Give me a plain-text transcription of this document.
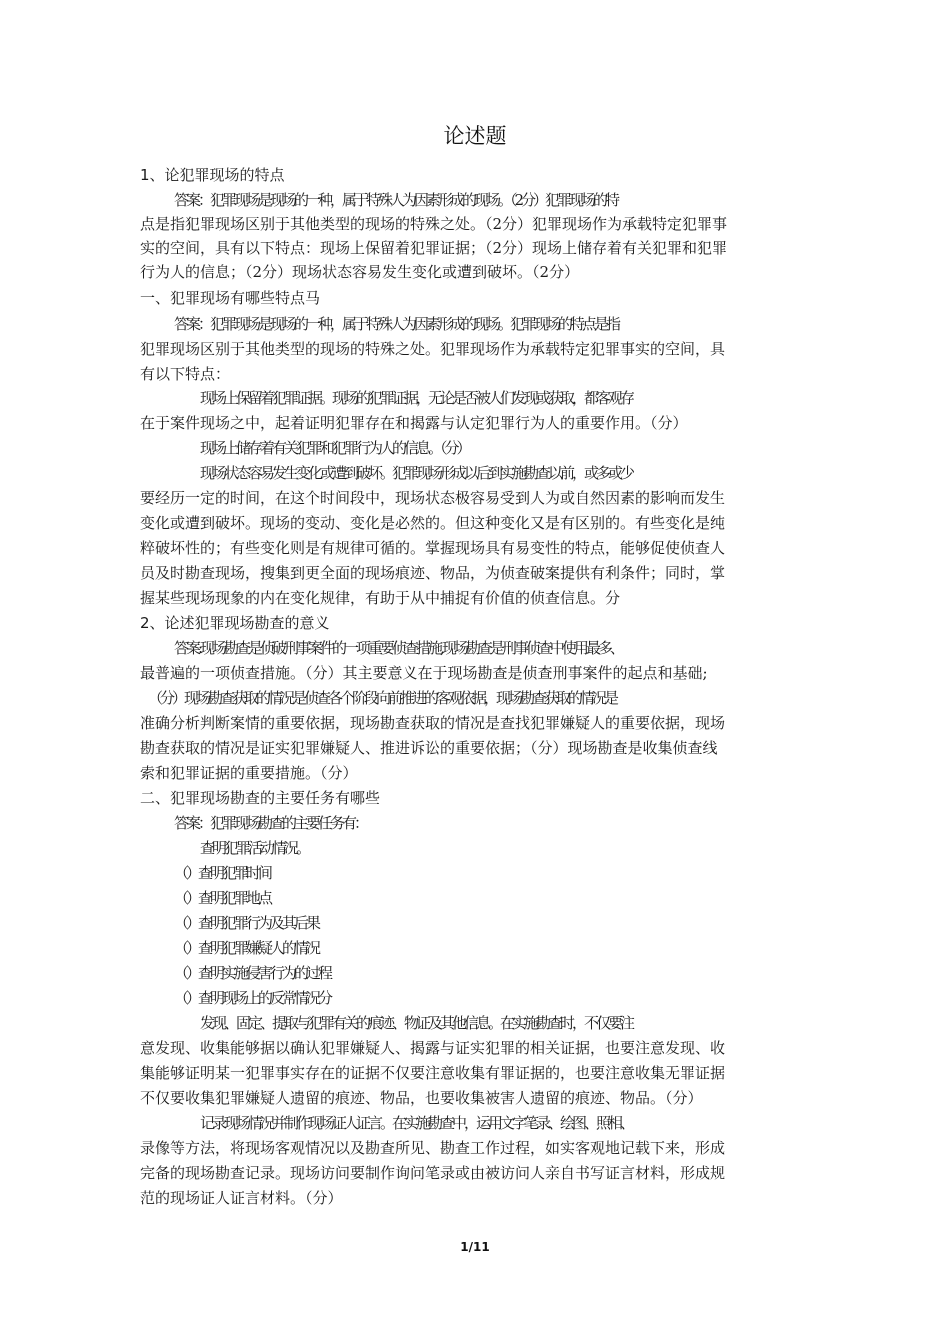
论述题
1、论犯罪现场的特点
答案：犯罪现场是现场的一种，属于特殊人为因素形成的现场。（2分）犯罪现场的特
点是指犯罪现场区别于其他类型的现场的特殊之处。（2分）犯罪现场作为承载特定犯罪事
实的空间，具有以下特点：现场上保留着犯罪证据；（2分）现场上储存着有关犯罪和犯罪
行为人的信息；（2分）现场状态容易发生变化或遭到破坏。（2分）
一、犯罪现场有哪些特点马
答案：犯罪现场是现场的一种，属于特殊人为因素形成的现场。犯罪现场的特点是指
犯罪现场区别于其他类型的现场的特殊之处。犯罪现场作为承载特定犯罪事实的空间，具
有以下特点：
现场上保留着犯罪证据。现场的犯罪证据，无论是否被人们发现或获取，都客观存
在于案件现场之中，起着证明犯罪存在和揭露与认定犯罪行为人的重要作用。（分）
现场上储存着有关犯罪和犯罪行为人的信息。（分）
现场状态容易发生变化或遭到破坏。犯罪现场形成以后到实施勘查以前，或多或少
要经历一定的时间，在这个时间段中，现场状态极容易受到人为或自然因素的影响而发生
变化或遭到破坏。现场的变动、变化是必然的。但这种变化又是有区别的。有些变化是纯
粹破坏性的；有些变化则是有规律可循的。掌握现场具有易变性的特点，能够促使侦查人
员及时勘查现场，搜集到更全面的现场痕迹、物品，为侦查破案提供有利条件；同时，掌
握某些现场现象的内在变化规律，有助于从中捕捉有价值的侦查信息。分
2、论述犯罪现场勘查的意义
答案:现场勘查是侦破刑事案件的一项重要侦查措施,现场勘查是刑事侦查中使用最多、
最普遍的一项侦查措施。（分）其主要意义在于现场勘查是侦查刑事案件的起点和基础;
（分）现场勘查获取的情况是侦查各个阶段向前推进的客观依据，现场勘查获取的情况是
准确分析判断案情的重要依据，现场勘查获取的情况是查找犯罪嫌疑人的重要依据，现场
勘查获取的情况是证实犯罪嫌疑人、推进诉讼的重要依据；（分）现场勘查是收集侦查线
索和犯罪证据的重要措施。（分）
二、犯罪现场勘查的主要任务有哪些
答案：犯罪现场勘查的主要任务有：
查明犯罪活动情况。
（）查明犯罪时间
（）查明犯罪地点
（）查明犯罪行为及其后果
（）查明犯罪嫌疑人的情况
（）查明实施侵害行为的过程
（）查明现场上的反常情况分
发现、固定、提取与犯罪有关的痕迹、物证及其他信息。在实施勘查时，不仅要注
意发现、收集能够据以确认犯罪嫌疑人、揭露与证实犯罪的相关证据，也要注意发现、收
集能够证明某一犯罪事实存在的证据不仅要注意收集有罪证据的，也要注意收集无罪证据
不仅要收集犯罪嫌疑人遗留的痕迹、物品，也要收集被害人遗留的痕迹、物品。（分）
记录现场情况并制作现场证人证言。在实施勘查中，运用文字笔录、绘图、照相、
录像等方法，将现场客观情况以及勘查所见、勘查工作过程，如实客观地记载下来，形成
完备的现场勘查记录。现场访问要制作询问笔录或由被访问人亲自书写证言材料，形成规
范的现场证人证言材料。（分）
1/11
